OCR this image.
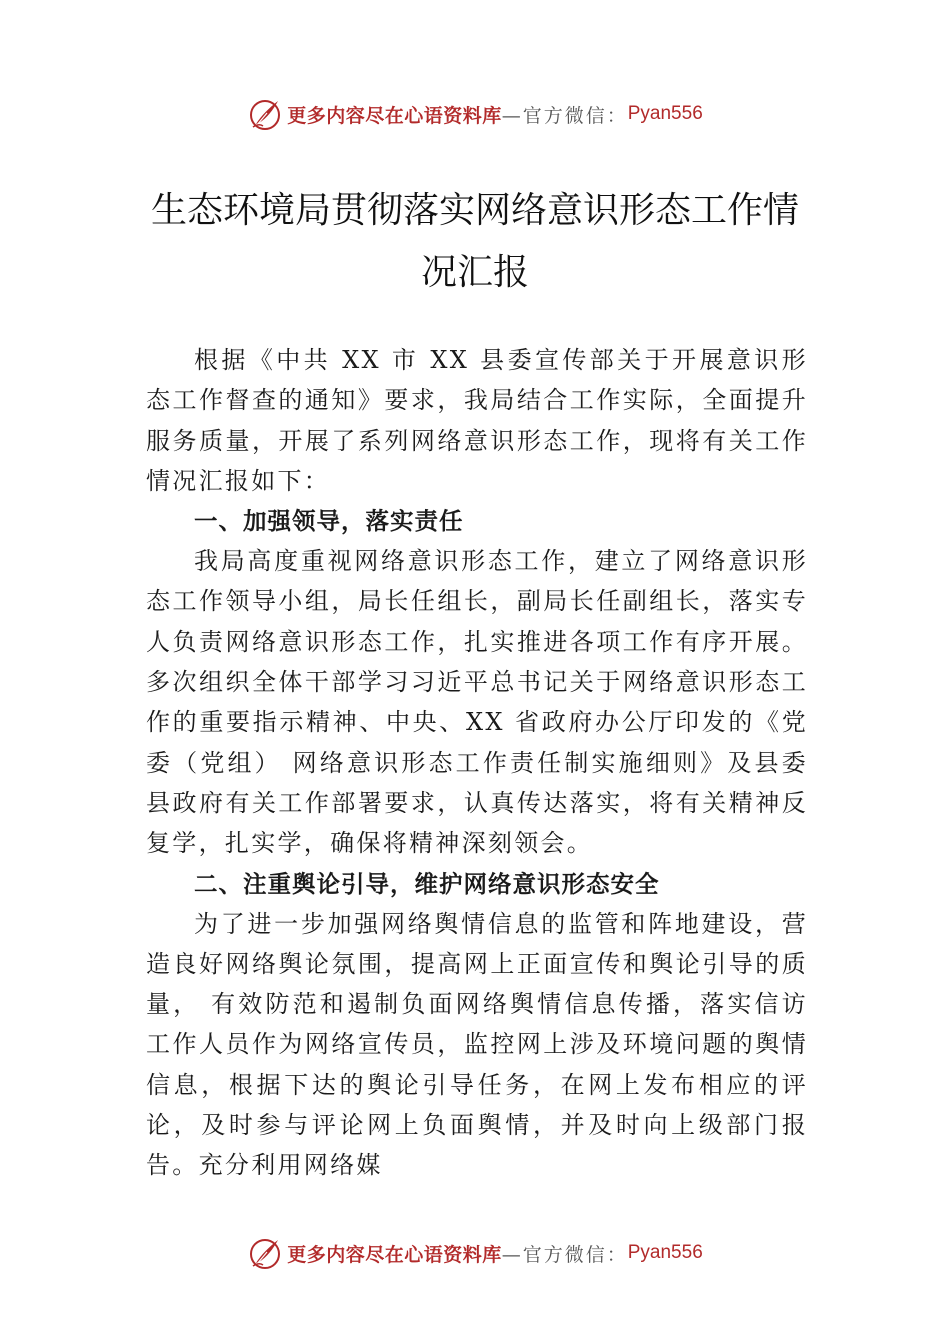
更多内容尽在心语资料库 —官方微信： Pyan556
生态环境局贯彻落实网络意识形态工作情况汇报

根据《中共 XX 市 XX 县委宣传部关于开展意识形态工作督查的通知》要求，我局结合工作实际，全面提升服务质量，开展了系列网络意识形态工作，现将有关工作情况汇报如下：

一、加强领导，落实责任

我局高度重视网络意识形态工作，建立了网络意识形态工作领导小组，局长任组长，副局长任副组长，落实专人负责网络意识形态工作，扎实推进各项工作有序开展。多次组织全体干部学习习近平总书记关于网络意识形态工作的重要指示精神、中央、XX 省政府办公厅印发的《党委（党组） 网络意识形态工作责任制实施细则》及县委县政府有关工作部署要求，认真传达落实，将有关精神反复学，扎实学，确保将精神深刻领会。

二、注重舆论引导，维护网络意识形态安全

为了进一步加强网络舆情信息的监管和阵地建设，营造良好网络舆论氛围，提高网上正面宣传和舆论引导的质量， 有效防范和遏制负面网络舆情信息传播，落实信访工作人员作为网络宣传员，监控网上涉及环境问题的舆情信息，根据下达的舆论引导任务，在网上发布相应的评论，及时参与评论网上负面舆情，并及时向上级部门报告。充分利用网络媒

更多内容尽在心语资料库 —官方微信： Pyan556
